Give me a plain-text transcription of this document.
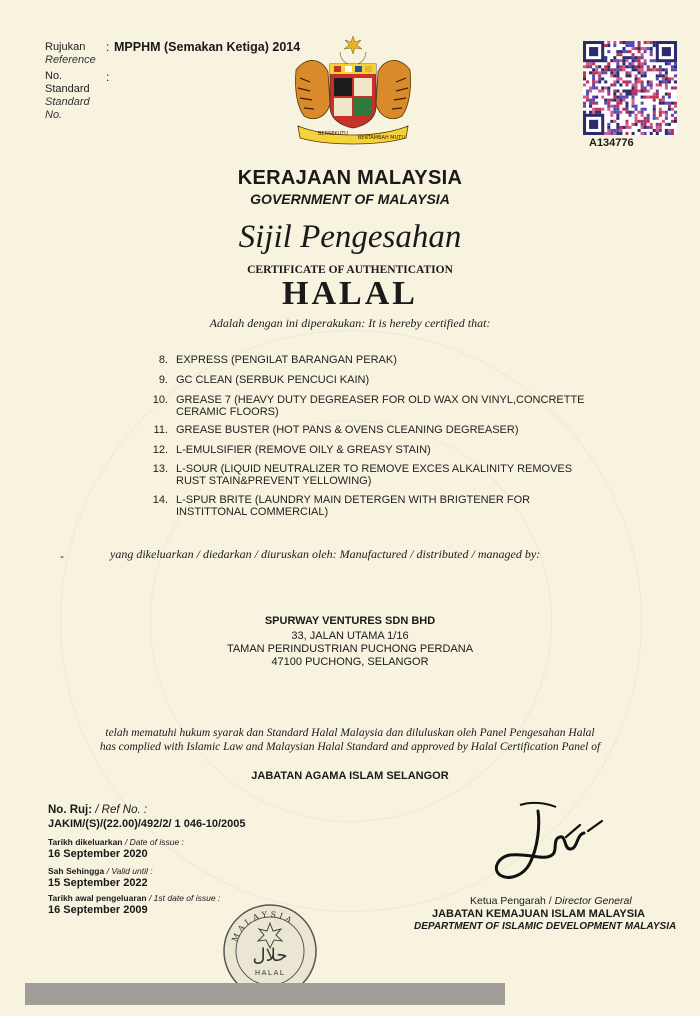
Rujukan
Reference
: MPPHM (Semakan Ketiga) 2014
No.
Standard
Standard
No.
:
BERSEKUTU
BERTAMBAH MUTU	A134776
KERAJAAN MALAYSIA
GOVERNMENT OF MALAYSIA
Sijil Pengesahan
CERTIFICATE OF AUTHENTICATION
HALAL
Adalah dengan ini diperakukan: It is hereby certified that:
8. EXPRESS (PENGILAT BARANGAN PERAK)
9. GC CLEAN (SERBUK PENCUCI KAIN)
10. GREASE 7 (HEAVY DUTY DEGREASER FOR OLD WAX ON VINYL,CONCRETTE CERAMIC FLOORS)
11. GREASE BUSTER (HOT PANS & OVENS CLEANING DEGREASER)
12. L-EMULSIFIER (REMOVE OILY & GREASY STAIN)
13. L-SOUR (LIQUID NEUTRALIZER TO REMOVE EXCES ALKALINITY REMOVES RUST STAIN&PREVENT YELLOWING)
14. L-SPUR BRITE (LAUNDRY MAIN DETERGEN WITH BRIGTENER FOR INSTITTONAL COMMERCIAL)
-	yang dikeluarkan / diedarkan / diuruskan oleh: Manufactured / distributed / managed by:
SPURWAY VENTURES SDN BHD
33, JALAN UTAMA 1/16
TAMAN PERINDUSTRIAN PUCHONG PERDANA
47100 PUCHONG, SELANGOR
telah mematuhi hukum syarak dan Standard Halal Malaysia dan diluluskan oleh Panel Pengesahan Halal
has complied with Islamic Law and Malaysian Halal Standard and approved by Halal Certification Panel of
JABATAN AGAMA ISLAM SELANGOR
No. Ruj: / Ref No. :
JAKIM/(S)/(22.00)/492/2/ 1 046-10/2005
Tarikh dikeluarkan / Date of issue :
16 September 2020
Sah Sehingga / Valid until :
15 September 2022
Tarikh awal pengeluaran / 1st date of issue :
16 September 2009
MALAYSIA
حلال
HALAL
Ketua Pengarah / Director General
JABATAN KEMAJUAN ISLAM MALAYSIA
DEPARTMENT OF ISLAMIC DEVELOPMENT MALAYSIA
